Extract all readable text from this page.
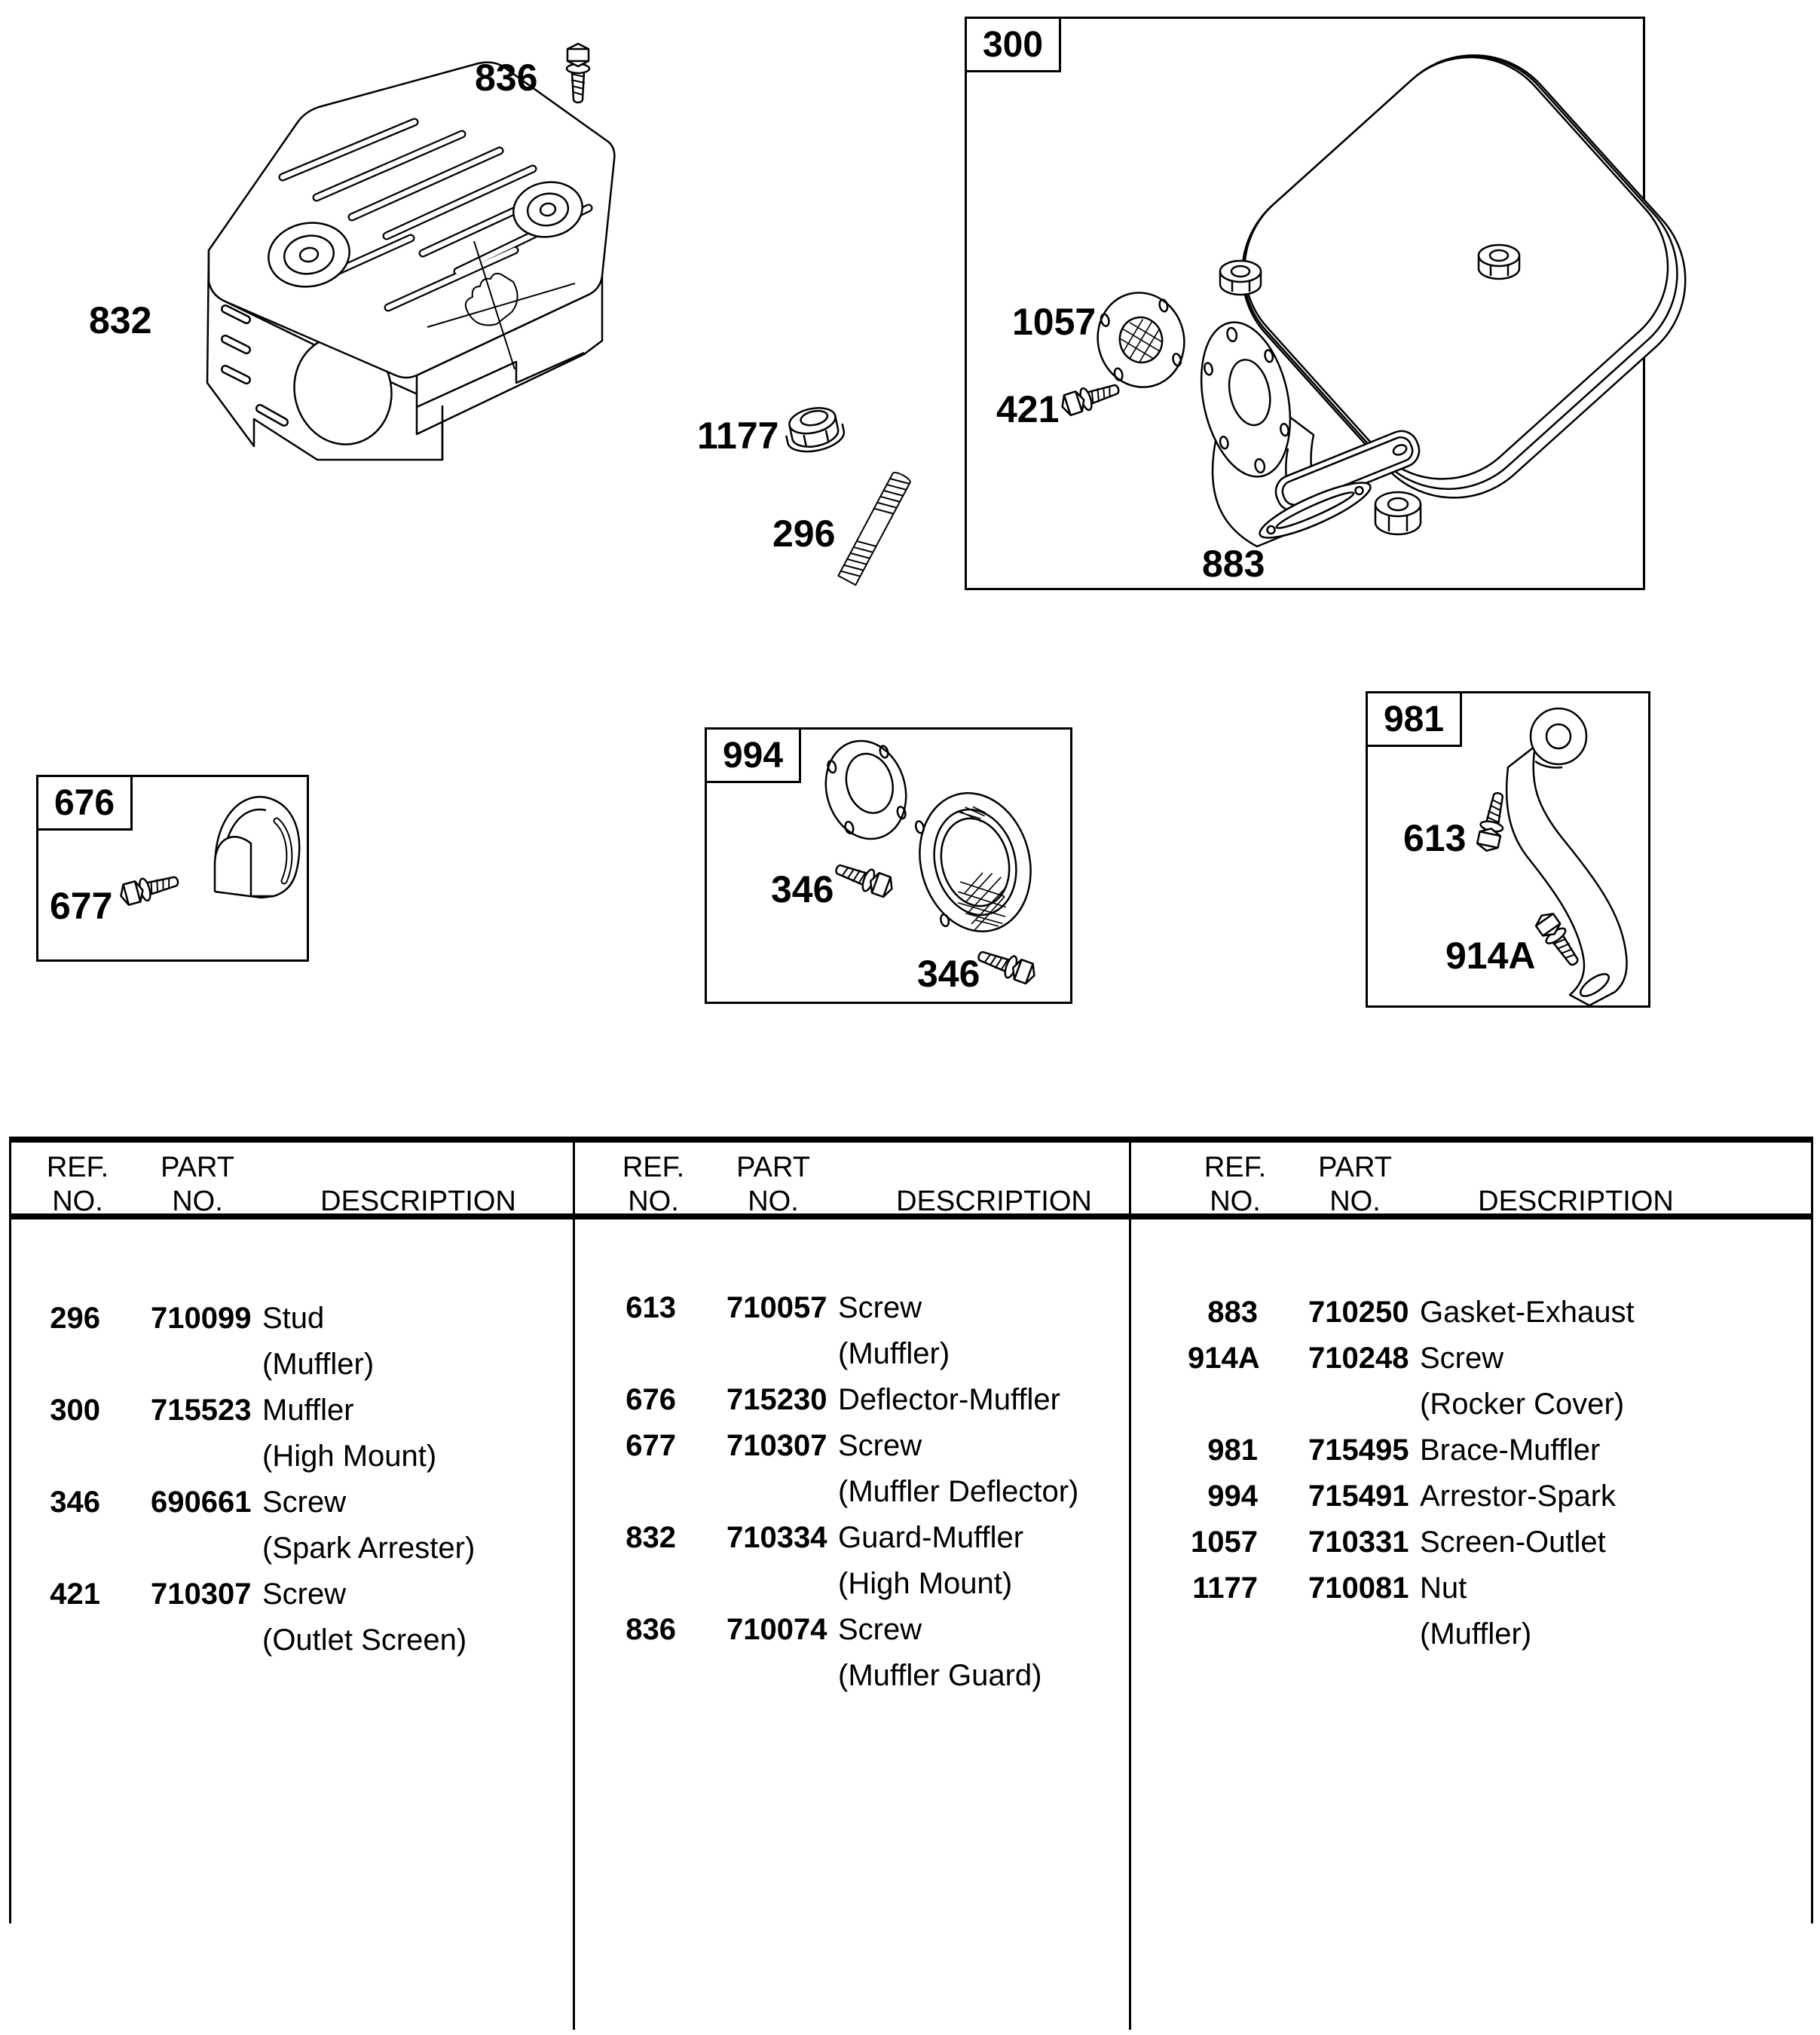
836
832
1177
296
300
1057
421
883
676
677
994
346
346
981
613
914A
REF.
NO.
PART
NO.	DESCRIPTION
REF.
NO.
PART
NO.	DESCRIPTION
REF.
NO.
PART
NO.	DESCRIPTION
296 710099 Stud
(Muffler)
300 715523 Muffler
(High Mount)
346 690661 Screw
(Spark Arrester)
421 710307 Screw
(Outlet Screen)
613 710057 Screw
(Muffler)
676 715230 Deflector-Muffler
677 710307 Screw
(Muffler Deflector)
832 710334 Guard-Muffler
(High Mount)
836 710074 Screw
(Muffler Guard)
883 710250 Gasket-Exhaust
914A 710248 Screw
(Rocker Cover)
981 715495 Brace-Muffler
994 715491 Arrestor-Spark
1057 710331 Screen-Outlet
1177 710081 Nut
(Muffler)
